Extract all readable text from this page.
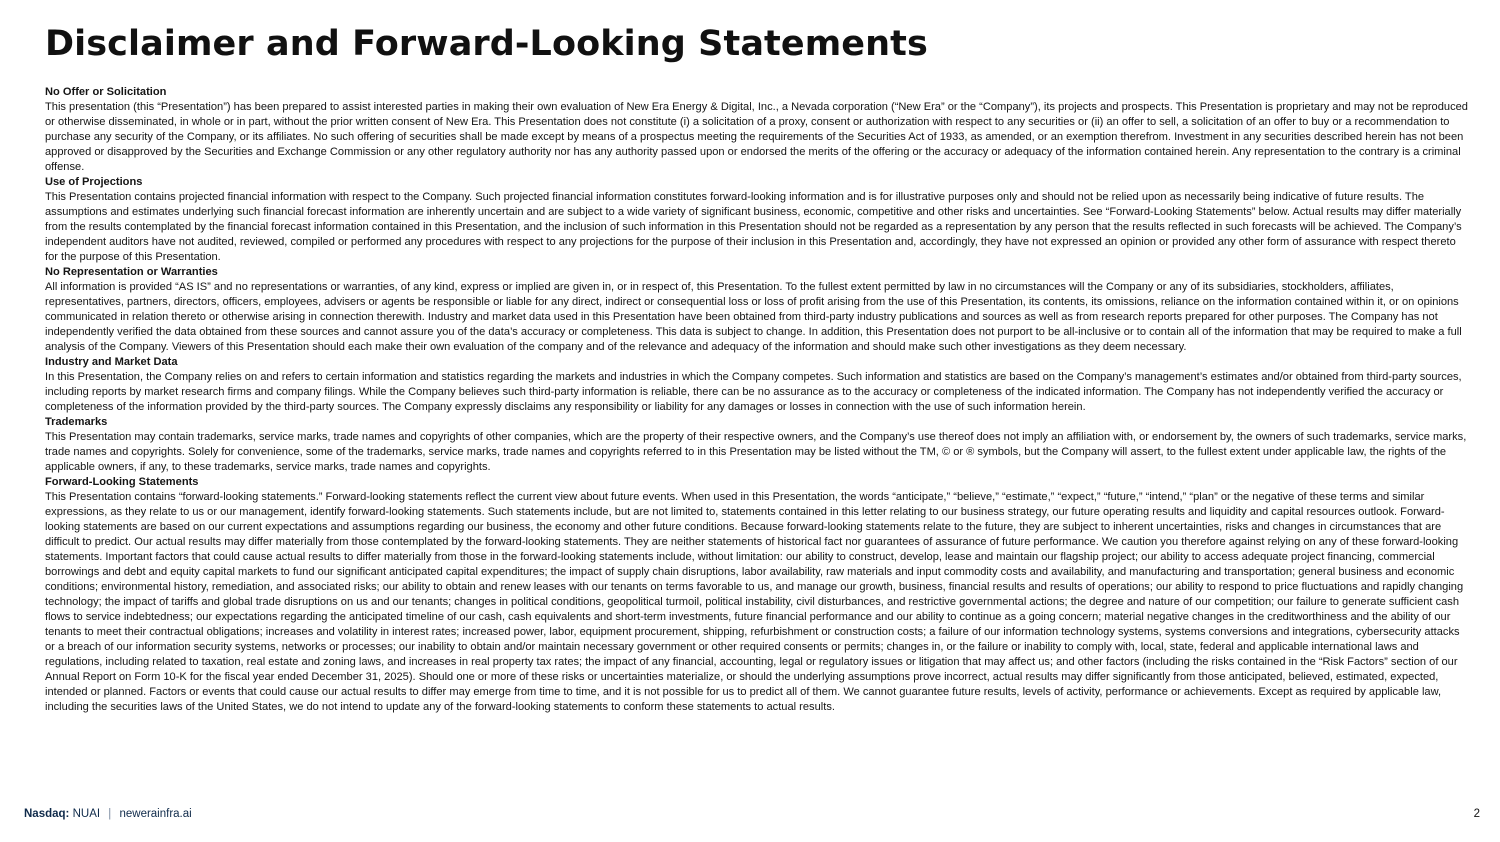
Disclaimer and Forward-Looking Statements

No Offer or Solicitation

This presentation (this “Presentation”) has been prepared to assist interested parties in making their own evaluation of New Era Energy & Digital, Inc., a Nevada corporation (“New Era” or the “Company”), its projects and prospects. This Presentation is proprietary and may not be reproduced or otherwise disseminated, in whole or in part, without the prior written consent of New Era. This Presentation does not constitute (i) a solicitation of a proxy, consent or authorization with respect to any securities or (ii) an offer to sell, a solicitation of an offer to buy or a recommendation to purchase any security of the Company, or its affiliates. No such offering of securities shall be made except by means of a prospectus meeting the requirements of the Securities Act of 1933, as amended, or an exemption therefrom. Investment in any securities described herein has not been approved or disapproved by the Securities and Exchange Commission or any other regulatory authority nor has any authority passed upon or endorsed the merits of the offering or the accuracy or adequacy of the information contained herein. Any representation to the contrary is a criminal offense.

Use of Projections

This Presentation contains projected financial information with respect to the Company. Such projected financial information constitutes forward-looking information and is for illustrative purposes only and should not be relied upon as necessarily being indicative of future results. The assumptions and estimates underlying such financial forecast information are inherently uncertain and are subject to a wide variety of significant business, economic, competitive and other risks and uncertainties. See “Forward-Looking Statements” below. Actual results may differ materially from the results contemplated by the financial forecast information contained in this Presentation, and the inclusion of such information in this Presentation should not be regarded as a representation by any person that the results reflected in such forecasts will be achieved. The Company’s independent auditors have not audited, reviewed, compiled or performed any procedures with respect to any projections for the purpose of their inclusion in this Presentation and, accordingly, they have not expressed an opinion or provided any other form of assurance with respect thereto for the purpose of this Presentation.

No Representation or Warranties

All information is provided “AS IS” and no representations or warranties, of any kind, express or implied are given in, or in respect of, this Presentation. To the fullest extent permitted by law in no circumstances will the Company or any of its subsidiaries, stockholders, affiliates, representatives, partners, directors, officers, employees, advisers or agents be responsible or liable for any direct, indirect or consequential loss or loss of profit arising from the use of this Presentation, its contents, its omissions, reliance on the information contained within it, or on opinions communicated in relation thereto or otherwise arising in connection therewith. Industry and market data used in this Presentation have been obtained from third-party industry publications and sources as well as from research reports prepared for other purposes. The Company has not independently verified the data obtained from these sources and cannot assure you of the data’s accuracy or completeness. This data is subject to change. In addition, this Presentation does not purport to be all-inclusive or to contain all of the information that may be required to make a full analysis of the Company. Viewers of this Presentation should each make their own evaluation of the company and of the relevance and adequacy of the information and should make such other investigations as they deem necessary.

Industry and Market Data

In this Presentation, the Company relies on and refers to certain information and statistics regarding the markets and industries in which the Company competes. Such information and statistics are based on the Company’s management’s estimates and/or obtained from third-party sources, including reports by market research firms and company filings. While the Company believes such third-party information is reliable, there can be no assurance as to the accuracy or completeness of the indicated information. The Company has not independently verified the accuracy or completeness of the information provided by the third-party sources. The Company expressly disclaims any responsibility or liability for any damages or losses in connection with the use of such information herein.

Trademarks

This Presentation may contain trademarks, service marks, trade names and copyrights of other companies, which are the property of their respective owners, and the Company’s use thereof does not imply an affiliation with, or endorsement by, the owners of such trademarks, service marks, trade names and copyrights. Solely for convenience, some of the trademarks, service marks, trade names and copyrights referred to in this Presentation may be listed without the TM, © or ® symbols, but the Company will assert, to the fullest extent under applicable law, the rights of the applicable owners, if any, to these trademarks, service marks, trade names and copyrights.

Forward-Looking Statements

This Presentation contains “forward-looking statements.” Forward-looking statements reflect the current view about future events. When used in this Presentation, the words “anticipate,” “believe,” “estimate,” “expect,” “future,” “intend,” “plan” or the negative of these terms and similar expressions, as they relate to us or our management, identify forward-looking statements. Such statements include, but are not limited to, statements contained in this letter relating to our business strategy, our future operating results and liquidity and capital resources outlook. Forward-looking statements are based on our current expectations and assumptions regarding our business, the economy and other future conditions. Because forward-looking statements relate to the future, they are subject to inherent uncertainties, risks and changes in circumstances that are difficult to predict. Our actual results may differ materially from those contemplated by the forward-looking statements. They are neither statements of historical fact nor guarantees of assurance of future performance. We caution you therefore against relying on any of these forward-looking statements. Important factors that could cause actual results to differ materially from those in the forward-looking statements include, without limitation: our ability to construct, develop, lease and maintain our flagship project; our ability to access adequate project financing, commercial borrowings and debt and equity capital markets to fund our significant anticipated capital expenditures; the impact of supply chain disruptions, labor availability, raw materials and input commodity costs and availability, and manufacturing and transportation; general business and economic conditions; environmental history, remediation, and associated risks; our ability to obtain and renew leases with our tenants on terms favorable to us, and manage our growth, business, financial results and results of operations; our ability to respond to price fluctuations and rapidly changing technology; the impact of tariffs and global trade disruptions on us and our tenants; changes in political conditions, geopolitical turmoil, political instability, civil disturbances, and restrictive governmental actions; the degree and nature of our competition; our failure to generate sufficient cash flows to service indebtedness; our expectations regarding the anticipated timeline of our cash, cash equivalents and short-term investments, future financial performance and our ability to continue as a going concern; material negative changes in the creditworthiness and the ability of our tenants to meet their contractual obligations; increases and volatility in interest rates; increased power, labor, equipment procurement, shipping, refurbishment or construction costs; a failure of our information technology systems, systems conversions and integrations, cybersecurity attacks or a breach of our information security systems, networks or processes; our inability to obtain and/or maintain necessary government or other required consents or permits; changes in, or the failure or inability to comply with, local, state, federal and applicable international laws and regulations, including related to taxation, real estate and zoning laws, and increases in real property tax rates; the impact of any financial, accounting, legal or regulatory issues or litigation that may affect us; and other factors (including the risks contained in the “Risk Factors” section of our Annual Report on Form 10-K for the fiscal year ended December 31, 2025). Should one or more of these risks or uncertainties materialize, or should the underlying assumptions prove incorrect, actual results may differ significantly from those anticipated, believed, estimated, expected, intended or planned. Factors or events that could cause our actual results to differ may emerge from time to time, and it is not possible for us to predict all of them. We cannot guarantee future results, levels of activity, performance or achievements. Except as required by applicable law, including the securities laws of the United States, we do not intend to update any of the forward-looking statements to conform these statements to actual results.

Nasdaq: NUAI | newerainfra.ai	2
